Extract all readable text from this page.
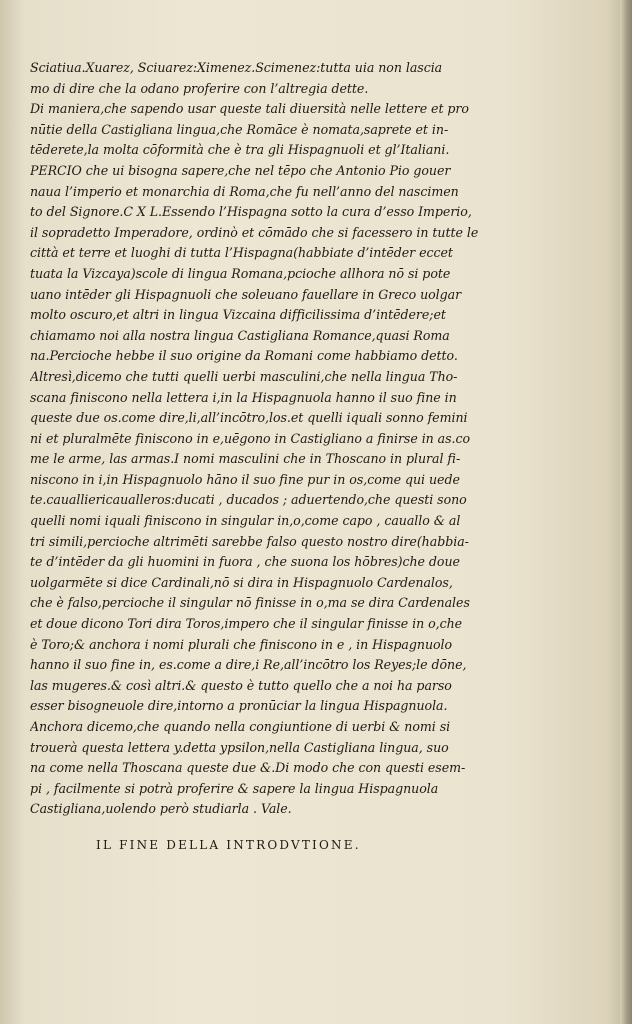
Sciatiua.Xuarez, Sciuarez:Ximenez.Scimenez:tutta uia non lascia
mo di dire che la odano proferire con l’altregia dette.
Di maniera,che sapendo usar queste tali diuersità nelle lettere et pro
nūtie della Castigliana lingua,che Romāce è nomata,saprete et in-
tēderete,la molta cōformità che è tra gli Hispagnuoli et gl’Italiani.
PERCIO che ui bisogna sapere,che nel tēpo che Antonio Pio gouer
naua l’imperio et monarchia di Roma,che fu nell’anno del nascimen
to del Signore.C X L.Essendo l’Hispagna sotto la cura d’esso Imperio,
il sopradetto Imperadore, ordinò et cōmādo che si facessero in tutte le
città et terre et luoghi di tutta l’Hispagna(habbiate d’intēder eccet
tuata la Vizcaya)scole di lingua Romana,pcioche allhora nō si pote
uano intēder gli Hispagnuoli che soleuano fauellare in Greco uolgar
molto oscuro,et altri in lingua Vizcaina difficilissima d’intēdere;et
chiamamo noi alla nostra lingua Castigliana Romance,quasi Roma
na.Percioche hebbe il suo origine da Romani come habbiamo detto.
Altresì,dicemo che tutti quelli uerbi masculini,che nella lingua Tho-
scana finiscono nella lettera i,in la Hispagnuola hanno il suo fine in
queste due os.come dire,li,all’incōtro,los.et quelli iquali sonno femini
ni et pluralmēte finiscono in e,uēgono in Castigliano a finirse in as.co
me le arme, las armas.I nomi masculini che in Thoscano in plural fi-
niscono in i,in Hispagnuolo hāno il suo fine pur in os,come qui uede
te.caualliericaualleros:ducati , ducados ; aduertendo,che questi sono
quelli nomi iquali finiscono in singular in,o,come capo , cauallo & al
tri simili,percioche altrimēti sarebbe falso questo nostro dire(habbia-
te d’intēder da gli huomini in fuora , che suona los hōbres)che doue
uolgarmēte si dice Cardinali,nō si dira in Hispagnuolo Cardenalos,
che è falso,percioche il singular nō finisse in o,ma se dira Cardenales
et doue dicono Tori dira Toros,impero che il singular finisse in o,che
è Toro;& anchora i nomi plurali che finiscono in e , in Hispagnuolo
hanno il suo fine in, es.come a dire,i Re,all’incōtro los Reyes;le dōne,
las mugeres.& così altri.& questo è tutto quello che a noi ha parso
esser bisogneuole dire,intorno a pronūciar la lingua Hispagnuola.
Anchora dicemo,che quando nella congiuntione di uerbi & nomi si
trouerà questa lettera y.detta ypsilon,nella Castigliana lingua, suo
na come nella Thoscana queste due &.Di modo che con questi esem-
pi , facilmente si potrà proferire & sapere la lingua Hispagnuola
Castigliana,uolendo però studiarla . Vale.
IL FINE DELLA INTRODVTIONE.
